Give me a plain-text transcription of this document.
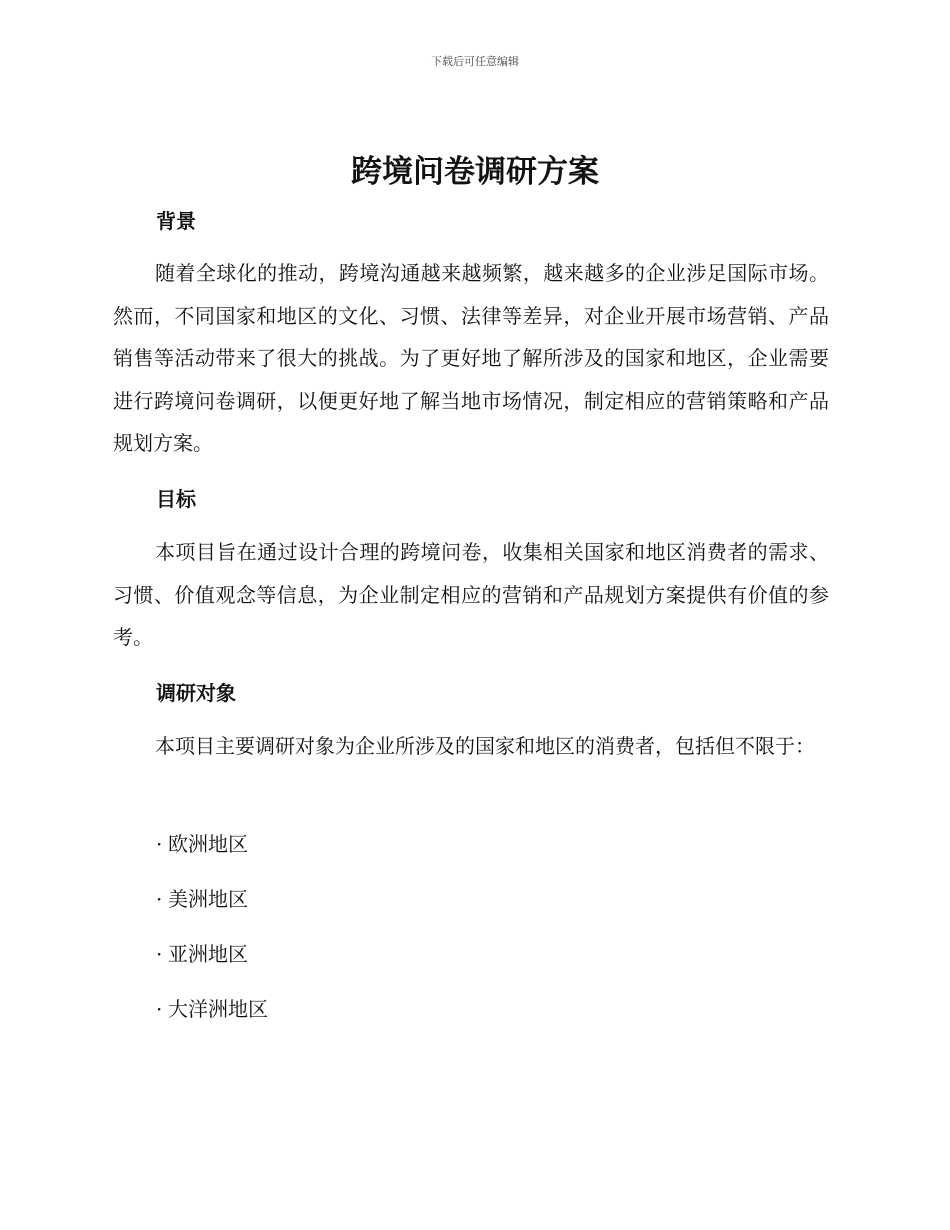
下载后可任意编辑
跨境问卷调研方案
背景

随着全球化的推动，跨境沟通越来越频繁，越来越多的企业涉足国际市场。然而，不同国家和地区的文化、习惯、法律等差异，对企业开展市场营销、产品销售等活动带来了很大的挑战。为了更好地了解所涉及的国家和地区，企业需要进行跨境问卷调研，以便更好地了解当地市场情况，制定相应的营销策略和产品规划方案。

目标

本项目旨在通过设计合理的跨境问卷，收集相关国家和地区消费者的需求、习惯、价值观念等信息，为企业制定相应的营销和产品规划方案提供有价值的参考。

调研对象

本项目主要调研对象为企业所涉及的国家和地区的消费者，包括但不限于：

· 欧洲地区
· 美洲地区
· 亚洲地区
· 大洋洲地区
